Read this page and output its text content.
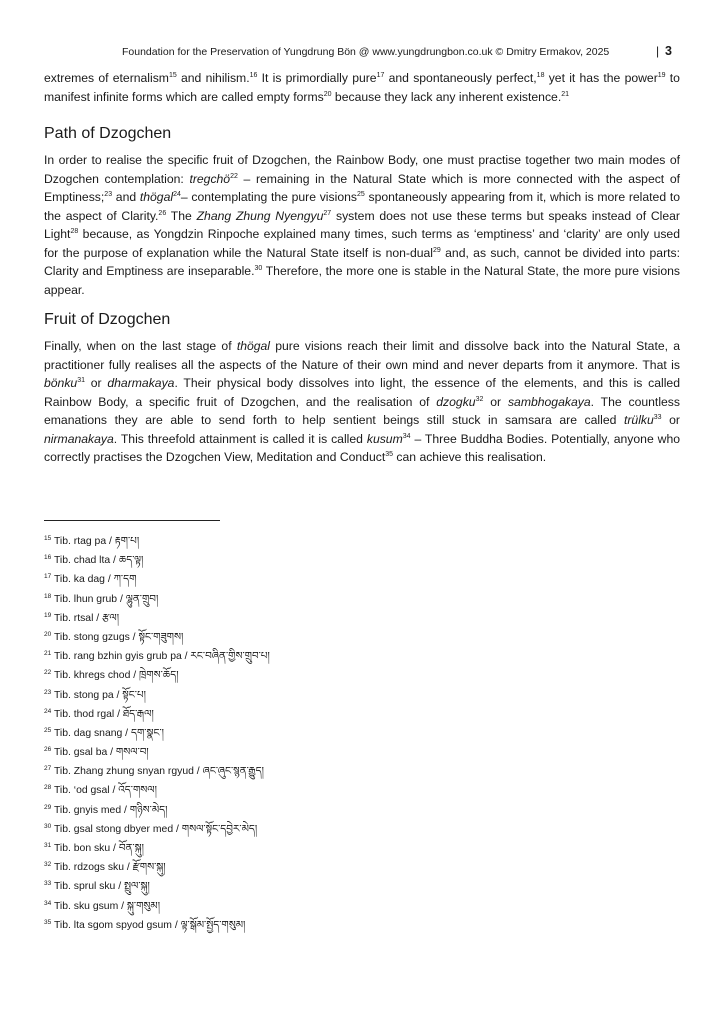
Foundation for the Preservation of Yungdrung Bön @ www.yungdrungbon.co.uk © Dmitry Ermakov, 2025	| 3

extremes of eternalism$^{15}$ and nihilism.$^{16}$ It is primordially pure$^{17}$ and spontaneously perfect,$^{18}$ yet it has the power$^{19}$ to manifest infinite forms which are called empty forms$^{20}$ because they lack any inherent existence.$^{21}$

Path of Dzogchen

In order to realise the specific fruit of Dzogchen, the Rainbow Body, one must practise together two main modes of Dzogchen contemplation: tregchö$^{22}$ – remaining in the Natural State which is more connected with the aspect of Emptiness;$^{23}$ and thögal$^{24}$– contemplating the pure visions$^{25}$ spontaneously appearing from it, which is more related to the aspect of Clarity.$^{26}$ The Zhang Zhung Nyengyu$^{27}$ system does not use these terms but speaks instead of Clear Light$^{28}$ because, as Yongdzin Rinpoche explained many times, such terms as ‘emptiness’ and ‘clarity’ are only used for the purpose of explanation while the Natural State itself is non-dual$^{29}$ and, as such, cannot be divided into parts: Clarity and Emptiness are inseparable.$^{30}$ Therefore, the more one is stable in the Natural State, the more pure visions appear.

Fruit of Dzogchen

Finally, when on the last stage of thögal pure visions reach their limit and dissolve back into the Natural State, a practitioner fully realises all the aspects of the Nature of their own mind and never departs from it anymore. That is bönku$^{31}$ or dharmakaya. Their physical body dissolves into light, the essence of the elements, and this is called Rainbow Body, a specific fruit of Dzogchen, and the realisation of dzogku$^{32}$ or sambhogakaya. The countless emanations they are able to send forth to help sentient beings still stuck in samsara are called trülku$^{33}$ or nirmanakaya. This threefold attainment is called it is called kusum$^{34}$ – Three Buddha Bodies. Potentially, anyone who correctly practises the Dzogchen View, Meditation and Conduct$^{35}$ can achieve this realisation.

$^{15}$ Tib. rtag pa / རྟག་པ།
$^{16}$ Tib. chad lta / ཆད་ལྟ།
$^{17}$ Tib. ka dag / ཀ་དག
$^{18}$ Tib. lhun grub / ལྷུན་གྲུབ།
$^{19}$ Tib. rtsal / རྩལ།
$^{20}$ Tib. stong gzugs / སྟོང་གཟུགས།
$^{21}$ Tib. rang bzhin gyis grub pa / རང་བཞིན་གྱིས་གྲུབ་པ།
$^{22}$ Tib. khregs chod / ཁྲེགས་ཆོད།
$^{23}$ Tib. stong pa / སྟོང་པ།
$^{24}$ Tib. thod rgal / ཐོད་རྒལ།
$^{25}$ Tib. dag snang / དག་སྣང་།
$^{26}$ Tib. gsal ba / གསལ་བ།
$^{27}$ Tib. Zhang zhung snyan rgyud / ཞང་ཞུང་སྙན་རྒྱུད།
$^{28}$ Tib. ‘od gsal / འོད་གསལ།
$^{29}$ Tib. gnyis med / གཉིས་མེད།
$^{30}$ Tib. gsal stong dbyer med / གསལ་སྟོང་དབྱེར་མེད།
$^{31}$ Tib. bon sku / བོན་སྐུ།
$^{32}$ Tib. rdzogs sku / རྫོགས་སྐུ།
$^{33}$ Tib. sprul sku / སྤྲུལ་སྐུ།
$^{34}$ Tib. sku gsum / སྐུ་གསུམ།
$^{35}$ Tib. lta sgom spyod gsum / ལྟ་སྒོམ་སྤྱོད་གསུམ།
